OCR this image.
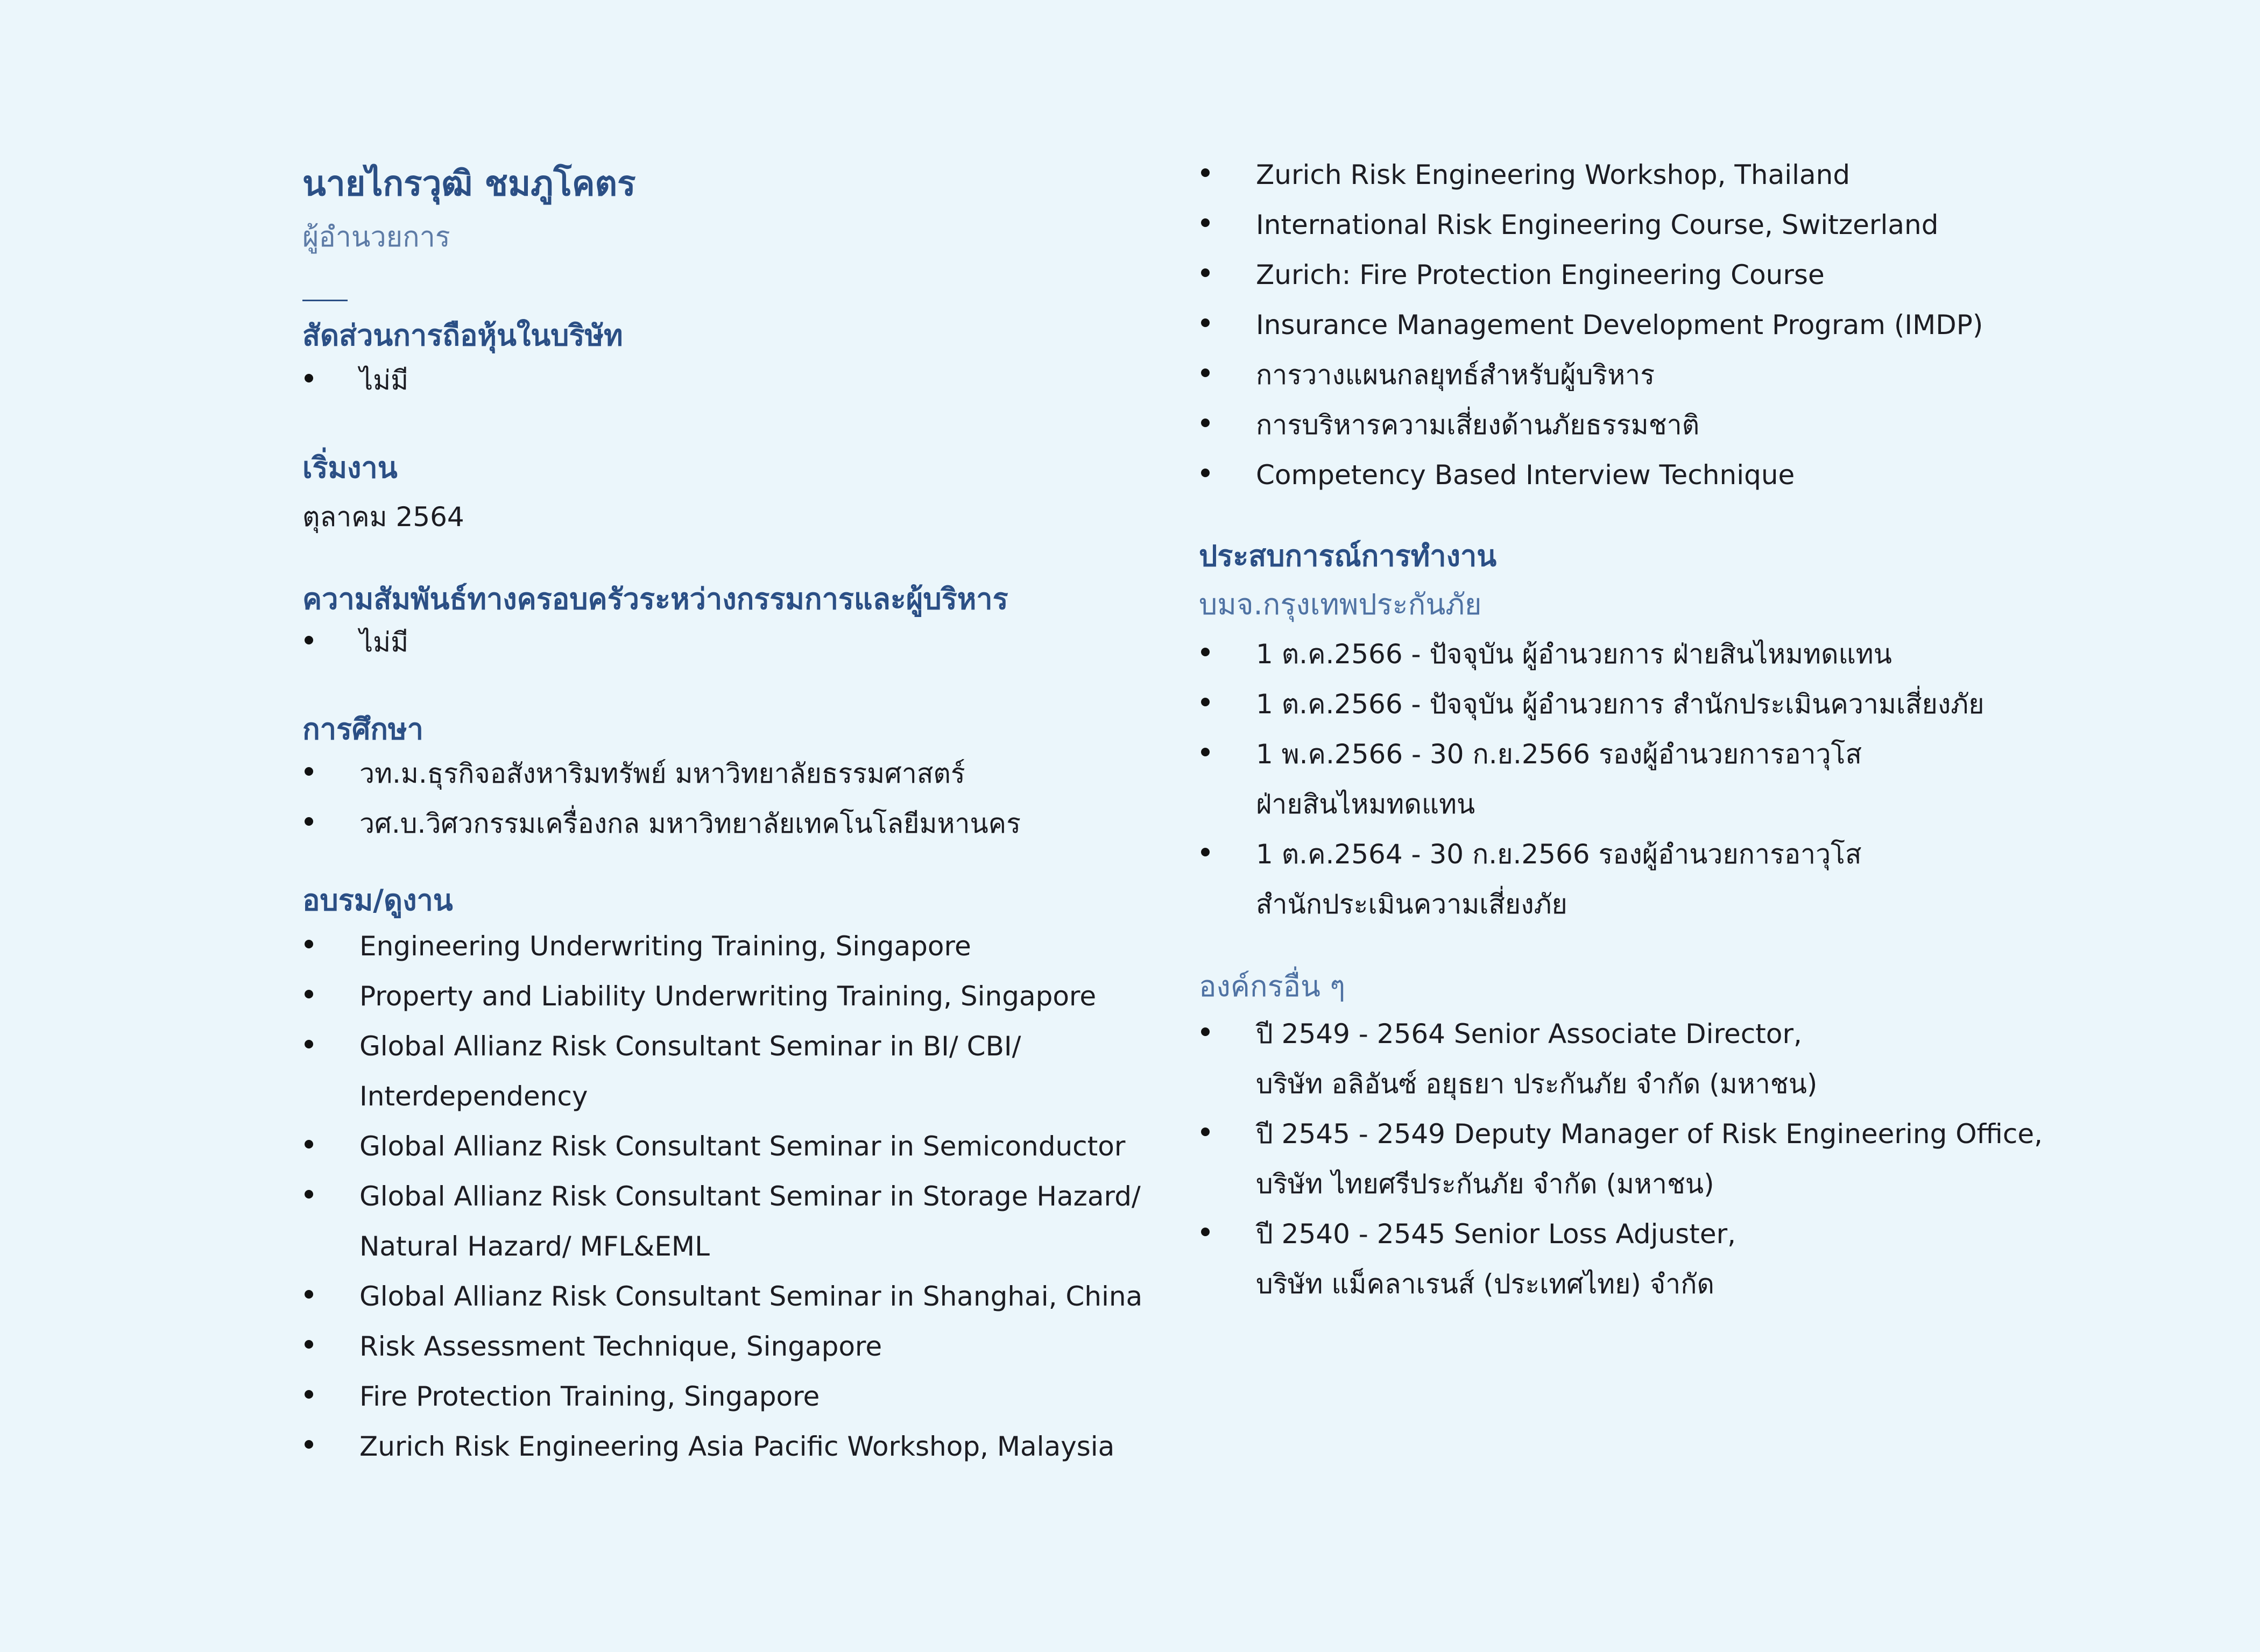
นายไกรวุฒิ ชมภูโคตร
ผู้อำนวยการ
สัดส่วนการถือหุ้นในบริษัท
ไม่มี
เริ่มงาน
ตุลาคม 2564
ความสัมพันธ์ทางครอบครัวระหว่างกรรมการและผู้บริหาร
ไม่มี
การศึกษา
วท.ม.ธุรกิจอสังหาริมทรัพย์ มหาวิทยาลัยธรรมศาสตร์
วศ.บ.วิศวกรรมเครื่องกล มหาวิทยาลัยเทคโนโลยีมหานคร
อบรม/ดูงาน
Engineering Underwriting Training, Singapore
Property and Liability Underwriting Training, Singapore
Global Allianz Risk Consultant Seminar in BI/ CBI/
Interdependency
Global Allianz Risk Consultant Seminar in Semiconductor
Global Allianz Risk Consultant Seminar in Storage Hazard/
Natural Hazard/ MFL&EML
Global Allianz Risk Consultant Seminar in Shanghai, China
Risk Assessment Technique, Singapore
Fire Protection Training, Singapore
Zurich Risk Engineering Asia Pacific Workshop, Malaysia
Zurich Risk Engineering Workshop, Thailand
International Risk Engineering Course, Switzerland
Zurich: Fire Protection Engineering Course
Insurance Management Development Program (IMDP)
การวางแผนกลยุทธ์สำหรับผู้บริหาร
การบริหารความเสี่ยงด้านภัยธรรมชาติ
Competency Based Interview Technique
ประสบการณ์การทำงาน
บมจ.กรุงเทพประกันภัย
1 ต.ค.2566 - ปัจจุบัน ผู้อำนวยการ ฝ่ายสินไหมทดแทน
1 ต.ค.2566 - ปัจจุบัน ผู้อำนวยการ สำนักประเมินความเสี่ยงภัย
1 พ.ค.2566 - 30 ก.ย.2566 รองผู้อำนวยการอาวุโส
ฝ่ายสินไหมทดแทน
1 ต.ค.2564 - 30 ก.ย.2566 รองผู้อำนวยการอาวุโส
สำนักประเมินความเสี่ยงภัย
องค์กรอื่น ๆ
ปี 2549 - 2564 Senior Associate Director,
บริษัท อลิอันซ์ อยุธยา ประกันภัย จำกัด (มหาชน)
ปี 2545 - 2549 Deputy Manager of Risk Engineering Office,
บริษัท ไทยศรีประกันภัย จำกัด (มหาชน)
ปี 2540 - 2545 Senior Loss Adjuster,
บริษัท แม็คลาเรนส์ (ประเทศไทย) จำกัด
